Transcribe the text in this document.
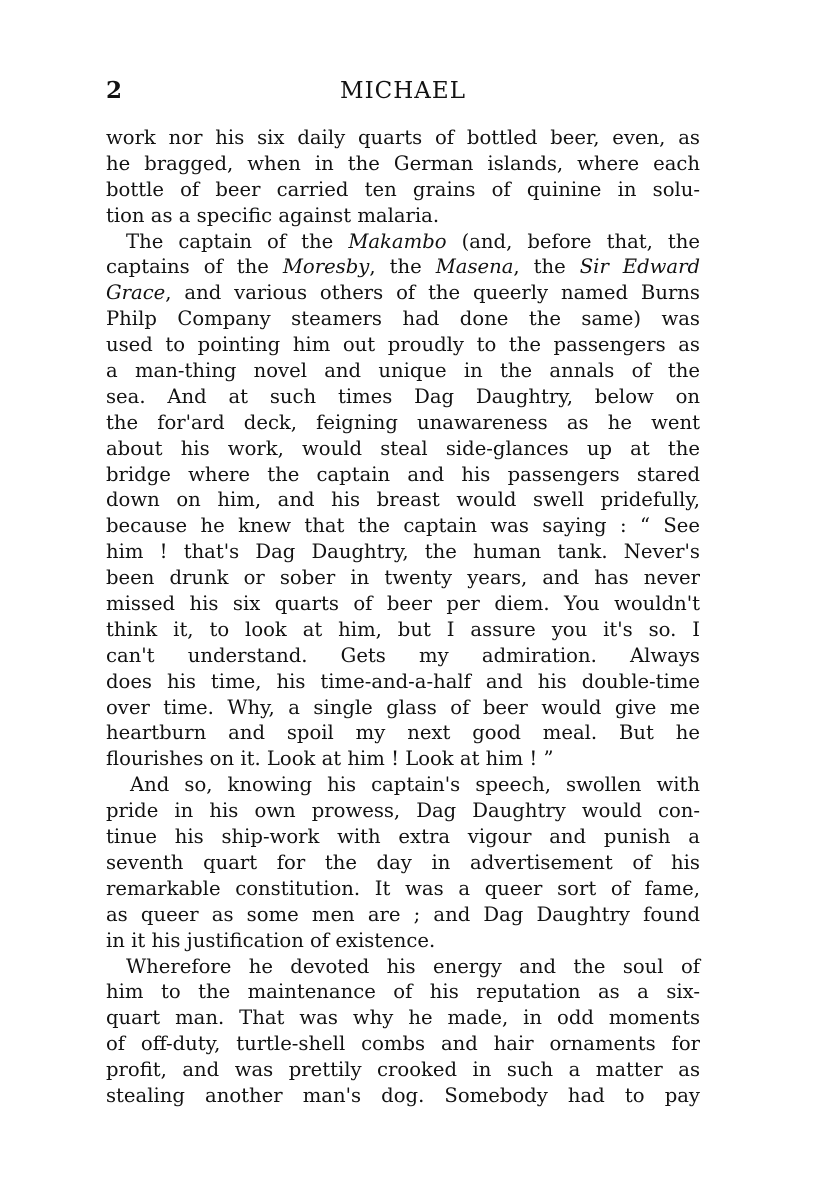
2	MICHAEL
work nor his six daily quarts of bottled beer, even, as
he bragged, when in the German islands, where each
bottle of beer carried ten grains of quinine in solu-
tion as a specific against malaria.
The captain of the Makambo (and, before that, the
captains of the Moresby, the Masena, the Sir Edward
Grace, and various others of the queerly named Burns
Philp Company steamers had done the same) was
used to pointing him out proudly to the passengers as
a man-thing novel and unique in the annals of the
sea. And at such times Dag Daughtry, below on
the for'ard deck, feigning unawareness as he went
about his work, would steal side-glances up at the
bridge where the captain and his passengers stared
down on him, and his breast would swell pridefully,
because he knew that the captain was saying : “ See
him ! that's Dag Daughtry, the human tank. Never's
been drunk or sober in twenty years, and has never
missed his six quarts of beer per diem. You wouldn't
think it, to look at him, but I assure you it's so. I
can't understand. Gets my admiration. Always
does his time, his time-and-a-half and his double-time
over time. Why, a single glass of beer would give me
heartburn and spoil my next good meal. But he
flourishes on it. Look at him ! Look at him ! ”
And so, knowing his captain's speech, swollen with
pride in his own prowess, Dag Daughtry would con-
tinue his ship-work with extra vigour and punish a
seventh quart for the day in advertisement of his
remarkable constitution. It was a queer sort of fame,
as queer as some men are ; and Dag Daughtry found
in it his justification of existence.
Wherefore he devoted his energy and the soul of
him to the maintenance of his reputation as a six-
quart man. That was why he made, in odd moments
of off-duty, turtle-shell combs and hair ornaments for
profit, and was prettily crooked in such a matter as
stealing another man's dog. Somebody had to pay
